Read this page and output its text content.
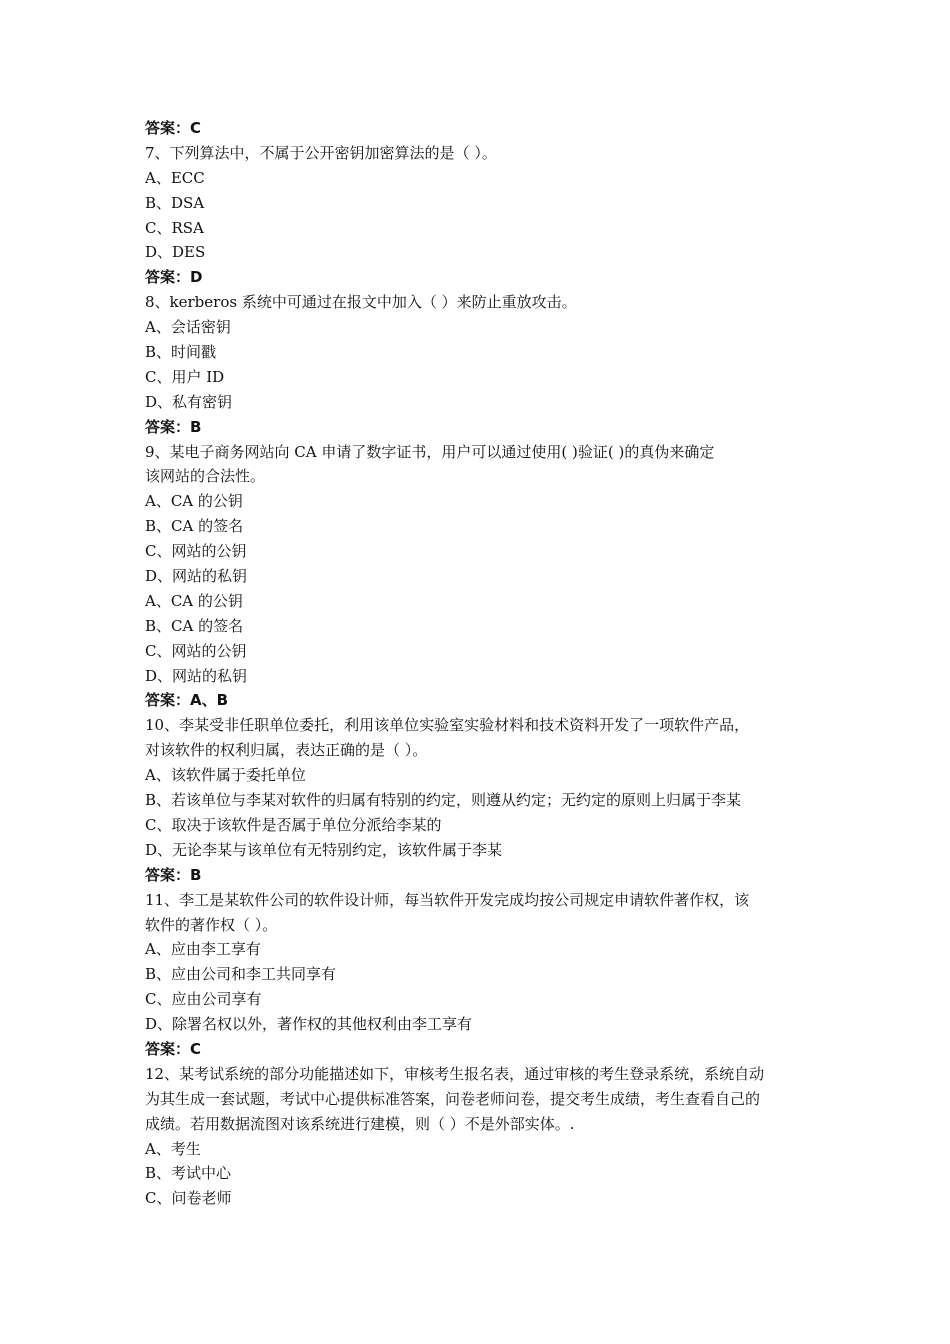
答案：C
7、下列算法中，不属于公开密钥加密算法的是（ ）。
A、ECC
B、DSA
C、RSA
D、DES
答案：D
8、kerberos 系统中可通过在报文中加入（ ）来防止重放攻击。
A、会话密钥
B、时间戳
C、用户 ID
D、私有密钥
答案：B
9、某电子商务网站向 CA 申请了数字证书，用户可以通过使用( )验证( )的真伪来确定
该网站的合法性。
A、CA 的公钥
B、CA 的签名
C、网站的公钥
D、网站的私钥
A、CA 的公钥
B、CA 的签名
C、网站的公钥
D、网站的私钥
答案：A、B
10、李某受非任职单位委托，利用该单位实验室实验材料和技术资料开发了一项软件产品，
对该软件的权利归属，表达正确的是（ ）。
A、该软件属于委托单位
B、若该单位与李某对软件的归属有特别的约定，则遵从约定；无约定的原则上归属于李某
C、取决于该软件是否属于单位分派给李某的
D、无论李某与该单位有无特别约定，该软件属于李某
答案：B
11、李工是某软件公司的软件设计师，每当软件开发完成均按公司规定申请软件著作权，该
软件的著作权（ ）。
A、应由李工享有
B、应由公司和李工共同享有
C、应由公司享有
D、除署名权以外，著作权的其他权利由李工享有
答案：C
12、某考试系统的部分功能描述如下，审核考生报名表，通过审核的考生登录系统，系统自动
为其生成一套试题，考试中心提供标准答案，问卷老师问卷，提交考生成绩，考生查看自己的
成绩。若用数据流图对该系统进行建模，则（ ）不是外部实体。.
A、考生
B、考试中心
C、问卷老师
